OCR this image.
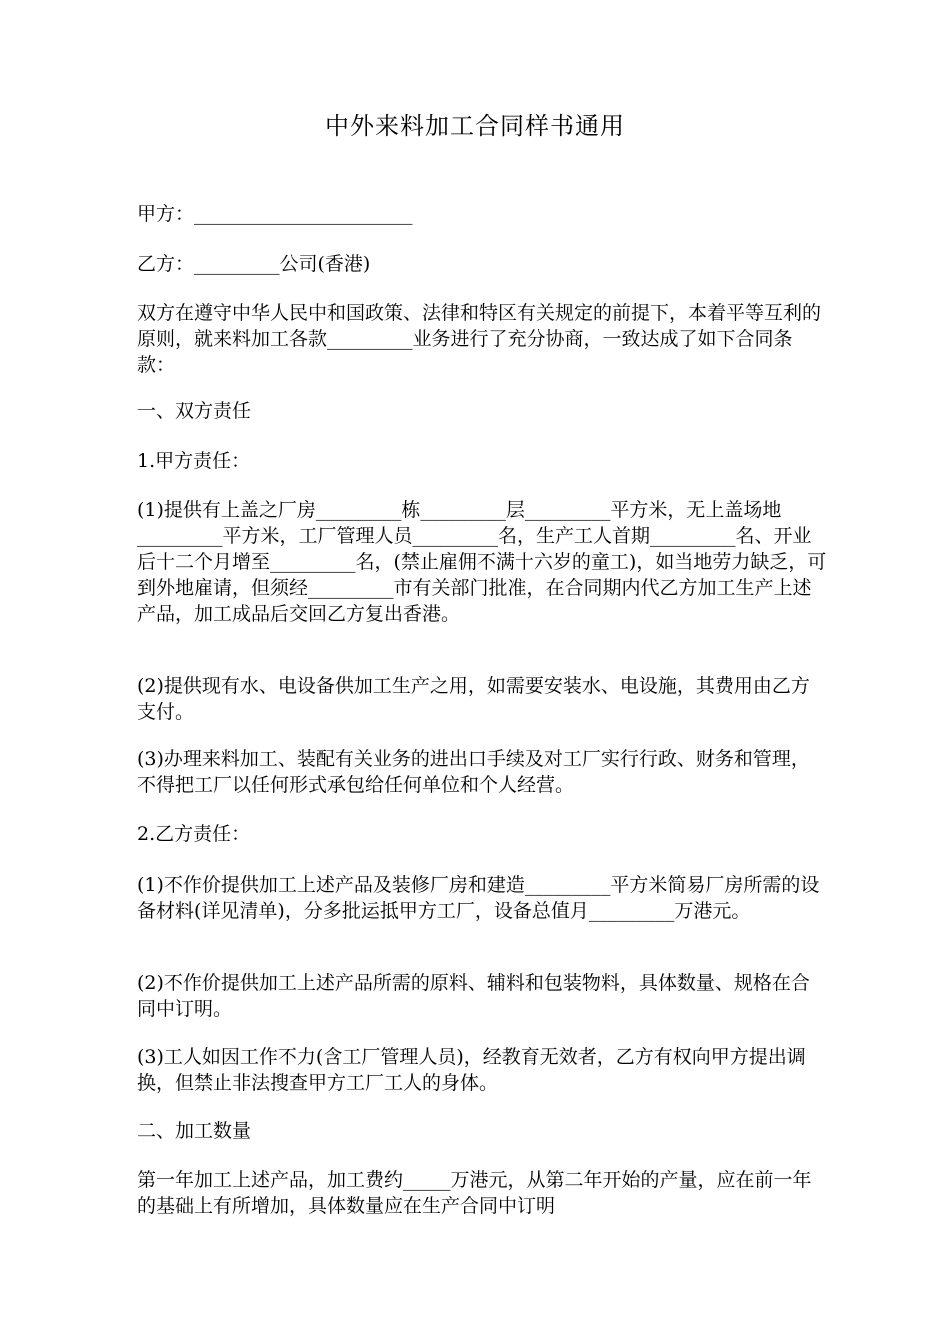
中外来料加工合同样书通用
甲方：_______________________
乙方：_________公司(香港)
双方在遵守中华人民中和国政策、法律和特区有关规定的前提下，本着平等互利的原则，就来料加工各款_________业务进行了充分协商，一致达成了如下合同条款：
一、双方责任
1.甲方责任：
(1)提供有上盖之厂房_________栋_________层_________平方米，无上盖场地_________平方米，工厂管理人员_________名，生产工人首期_________名、开业后十二个月增至_________名，(禁止雇佣不满十六岁的童工)，如当地劳力缺乏，可到外地雇请，但须经_________市有关部门批准，在合同期内代乙方加工生产上述产品，加工成品后交回乙方复出香港。
(2)提供现有水、电设备供加工生产之用，如需要安装水、电设施，其费用由乙方支付。
(3)办理来料加工、装配有关业务的进出口手续及对工厂实行行政、财务和管理，不得把工厂以任何形式承包给任何单位和个人经营。
2.乙方责任：
(1)不作价提供加工上述产品及装修厂房和建造_________平方米简易厂房所需的设备材料(详见清单)，分多批运抵甲方工厂，设备总值月_________万港元。
(2)不作价提供加工上述产品所需的原料、辅料和包装物料，具体数量、规格在合同中订明。
(3)工人如因工作不力(含工厂管理人员)，经教育无效者，乙方有权向甲方提出调换，但禁止非法搜查甲方工厂工人的身体。
二、加工数量
第一年加工上述产品，加工费约_____万港元，从第二年开始的产量，应在前一年的基础上有所增加，具体数量应在生产合同中订明
